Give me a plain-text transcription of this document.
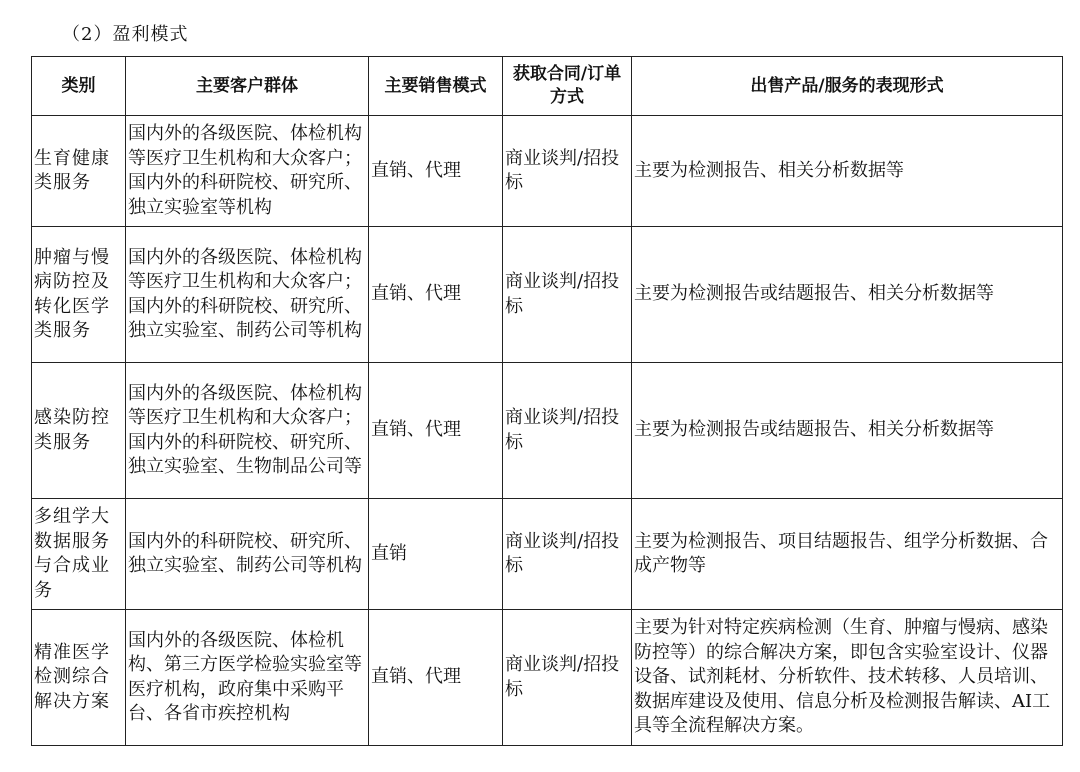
（2）盈利模式
类别	主要客户群体	主要销售模式	获取合同/订单方式	出售产品/服务的表现形式
生育健康类服务	国内外的各级医院、体检机构等医疗卫生机构和大众客户；国内外的科研院校、研究所、独立实验室等机构	直销、代理	商业谈判/招投标	主要为检测报告、相关分析数据等
肿瘤与慢病防控及转化医学类服务	国内外的各级医院、体检机构等医疗卫生机构和大众客户；国内外的科研院校、研究所、独立实验室、制药公司等机构	直销、代理	商业谈判/招投标	主要为检测报告或结题报告、相关分析数据等
感染防控类服务	国内外的各级医院、体检机构等医疗卫生机构和大众客户；国内外的科研院校、研究所、独立实验室、生物制品公司等	直销、代理	商业谈判/招投标	主要为检测报告或结题报告、相关分析数据等
多组学大数据服务与合成业务	国内外的科研院校、研究所、独立实验室、制药公司等机构	直销	商业谈判/招投标	主要为检测报告、项目结题报告、组学分析数据、合成产物等
精准医学检测综合解决方案	国内外的各级医院、体检机构、第三方医学检验实验室等医疗机构，政府集中采购平台、各省市疾控机构	直销、代理	商业谈判/招投标	主要为针对特定疾病检测（生育、肿瘤与慢病、感染防控等）的综合解决方案，即包含实验室设计、仪器设备、试剂耗材、分析软件、技术转移、人员培训、数据库建设及使用、信息分析及检测报告解读、AI工具等全流程解决方案。
